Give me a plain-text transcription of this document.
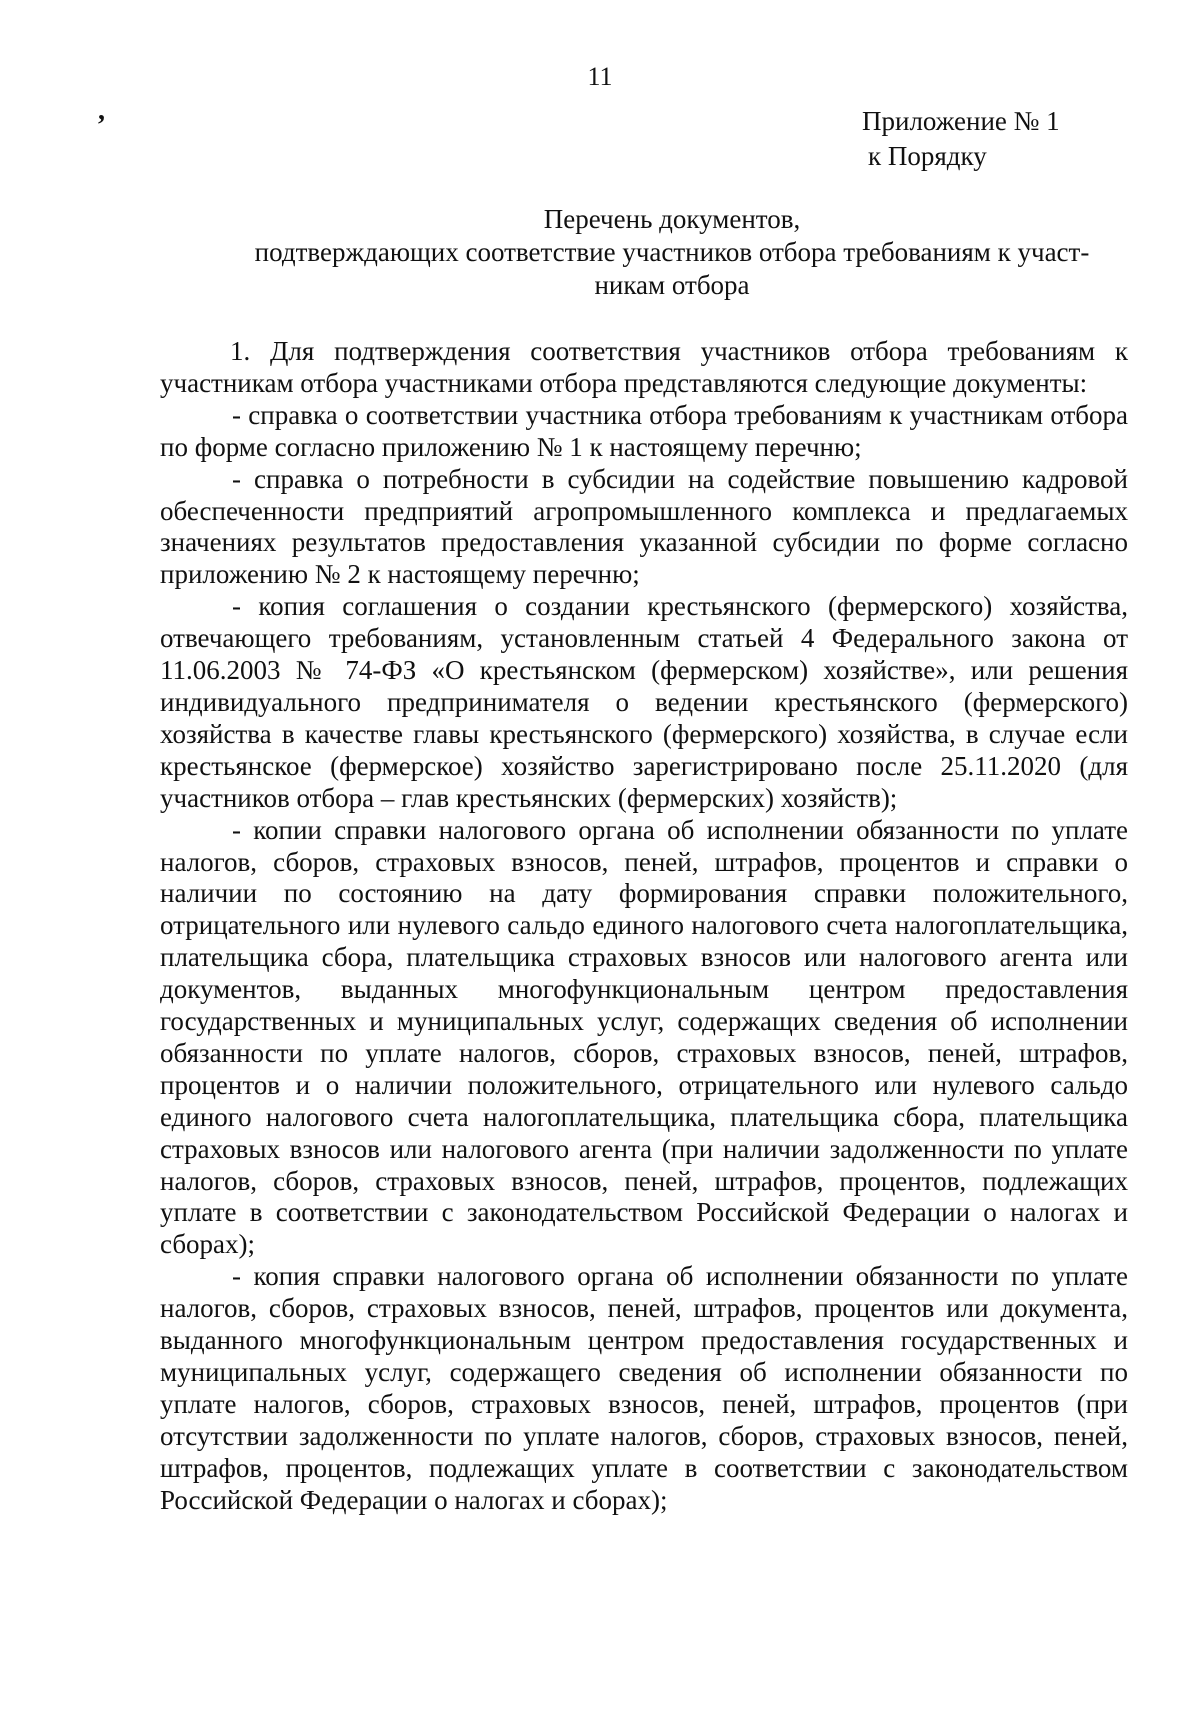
11
,	Приложение № 1
к Порядку
Перечень документов,
подтверждающих соответствие участников отбора требованиям к участ-
никам отбора

1. Для подтверждения соответствия участников отбора требованиям к участникам отбора участниками отбора представляются следующие документы:

- справка о соответствии участника отбора требованиям к участникам отбора по форме согласно приложению № 1 к настоящему перечню;

- справка о потребности в субсидии на содействие повышению кадровой обеспеченности предприятий агропромышленного комплекса и предлагаемых значениях результатов предоставления указанной субсидии по форме согласно приложению № 2 к настоящему перечню;

- копия соглашения о создании крестьянского (фермерского) хозяйства, отвечающего требованиям, установленным статьей 4 Федерального закона от 11.06.2003 № 74-ФЗ «О крестьянском (фермерском) хозяйстве», или решения индивидуального предпринимателя о ведении крестьянского (фермерского) хозяйства в качестве главы крестьянского (фермерского) хозяйства, в случае если крестьянское (фермерское) хозяйство зарегистрировано после 25.11.2020 (для участников отбора – глав крестьянских (фермерских) хозяйств);

- копии справки налогового органа об исполнении обязанности по уплате налогов, сборов, страховых взносов, пеней, штрафов, процентов и справки о наличии по состоянию на дату формирования справки положительного, отрицательного или нулевого сальдо единого налогового счета налогоплательщика, плательщика сбора, плательщика страховых взносов или налогового агента или документов, выданных многофункциональным центром предоставления государственных и муниципальных услуг, содержащих сведения об исполнении обязанности по уплате налогов, сборов, страховых взносов, пеней, штрафов, процентов и о наличии положительного, отрицательного или нулевого сальдо единого налогового счета налогоплательщика, плательщика сбора, плательщика страховых взносов или налогового агента (при наличии задолженности по уплате налогов, сборов, страховых взносов, пеней, штрафов, процентов, подлежащих уплате в соответствии с законодательством Российской Федерации о налогах и сборах);

- копия справки налогового органа об исполнении обязанности по уплате налогов, сборов, страховых взносов, пеней, штрафов, процентов или документа, выданного многофункциональным центром предоставления государственных и муниципальных услуг, содержащего сведения об исполнении обязанности по уплате налогов, сборов, страховых взносов, пеней, штрафов, процентов (при отсутствии задолженности по уплате налогов, сборов, страховых взносов, пеней, штрафов, процентов, подлежащих уплате в соответствии с законодательством Российской Федерации о налогах и сборах);
